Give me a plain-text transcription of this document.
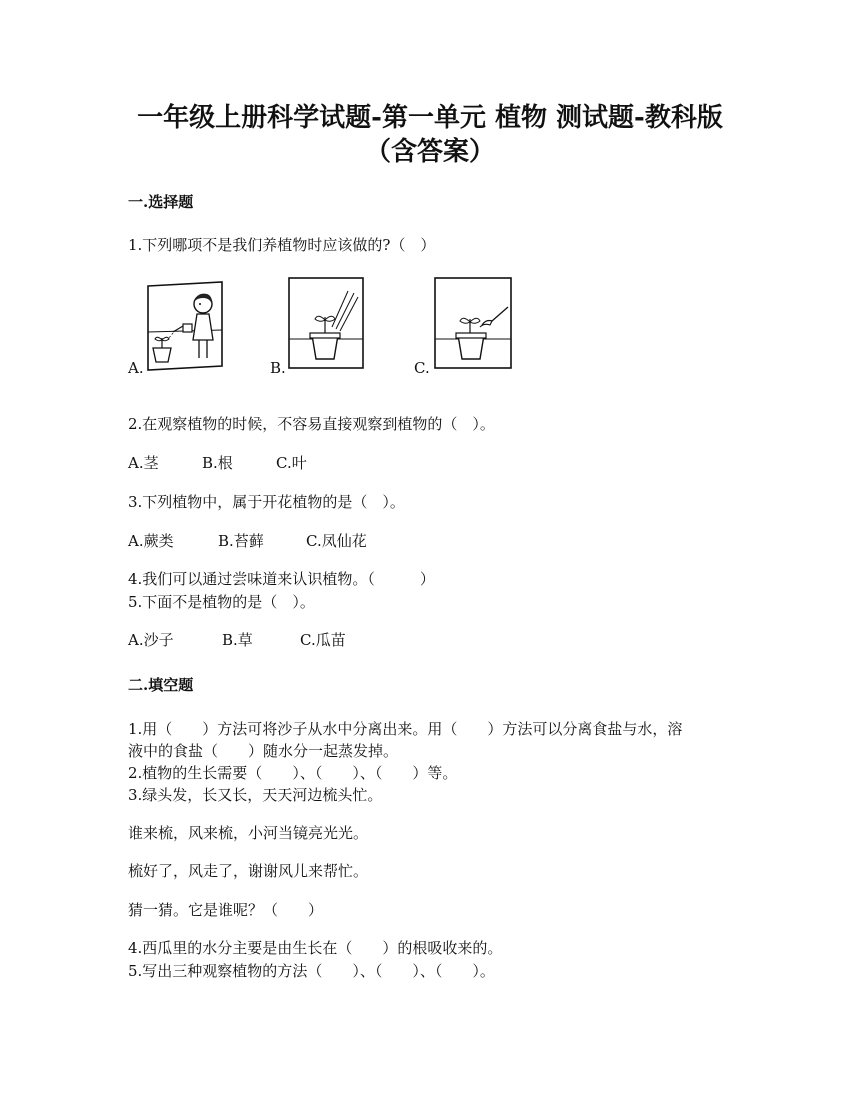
一年级上册科学试题-第一单元 植物 测试题-教科版
（含答案）
一.选择题
1.下列哪项不是我们养植物时应该做的?（　）
A.	B.	C.
2.在观察植物的时候，不容易直接观察到植物的（　）。
A.茎	B.根	C.叶
3.下列植物中，属于开花植物的是（　）。
A.蕨类	B.苔藓	C.凤仙花
4.我们可以通过尝味道来认识植物。（　　　）
5.下面不是植物的是（　）。
A.沙子	B.草	C.瓜苗
二.填空题
1.用（　　）方法可将沙子从水中分离出来。用（　　）方法可以分离食盐与水，溶
液中的食盐（　　）随水分一起蒸发掉。
2.植物的生长需要（　　）、（　　）、（　　）等。
3.绿头发，长又长，天天河边梳头忙。
谁来梳，风来梳，小河当镜亮光光。
梳好了，风走了，谢谢风儿来帮忙。
猜一猜。它是谁呢？（　　）
4.西瓜里的水分主要是由生长在（　　）的根吸收来的。
5.写出三种观察植物的方法（　　）、（　　）、（　　）。
